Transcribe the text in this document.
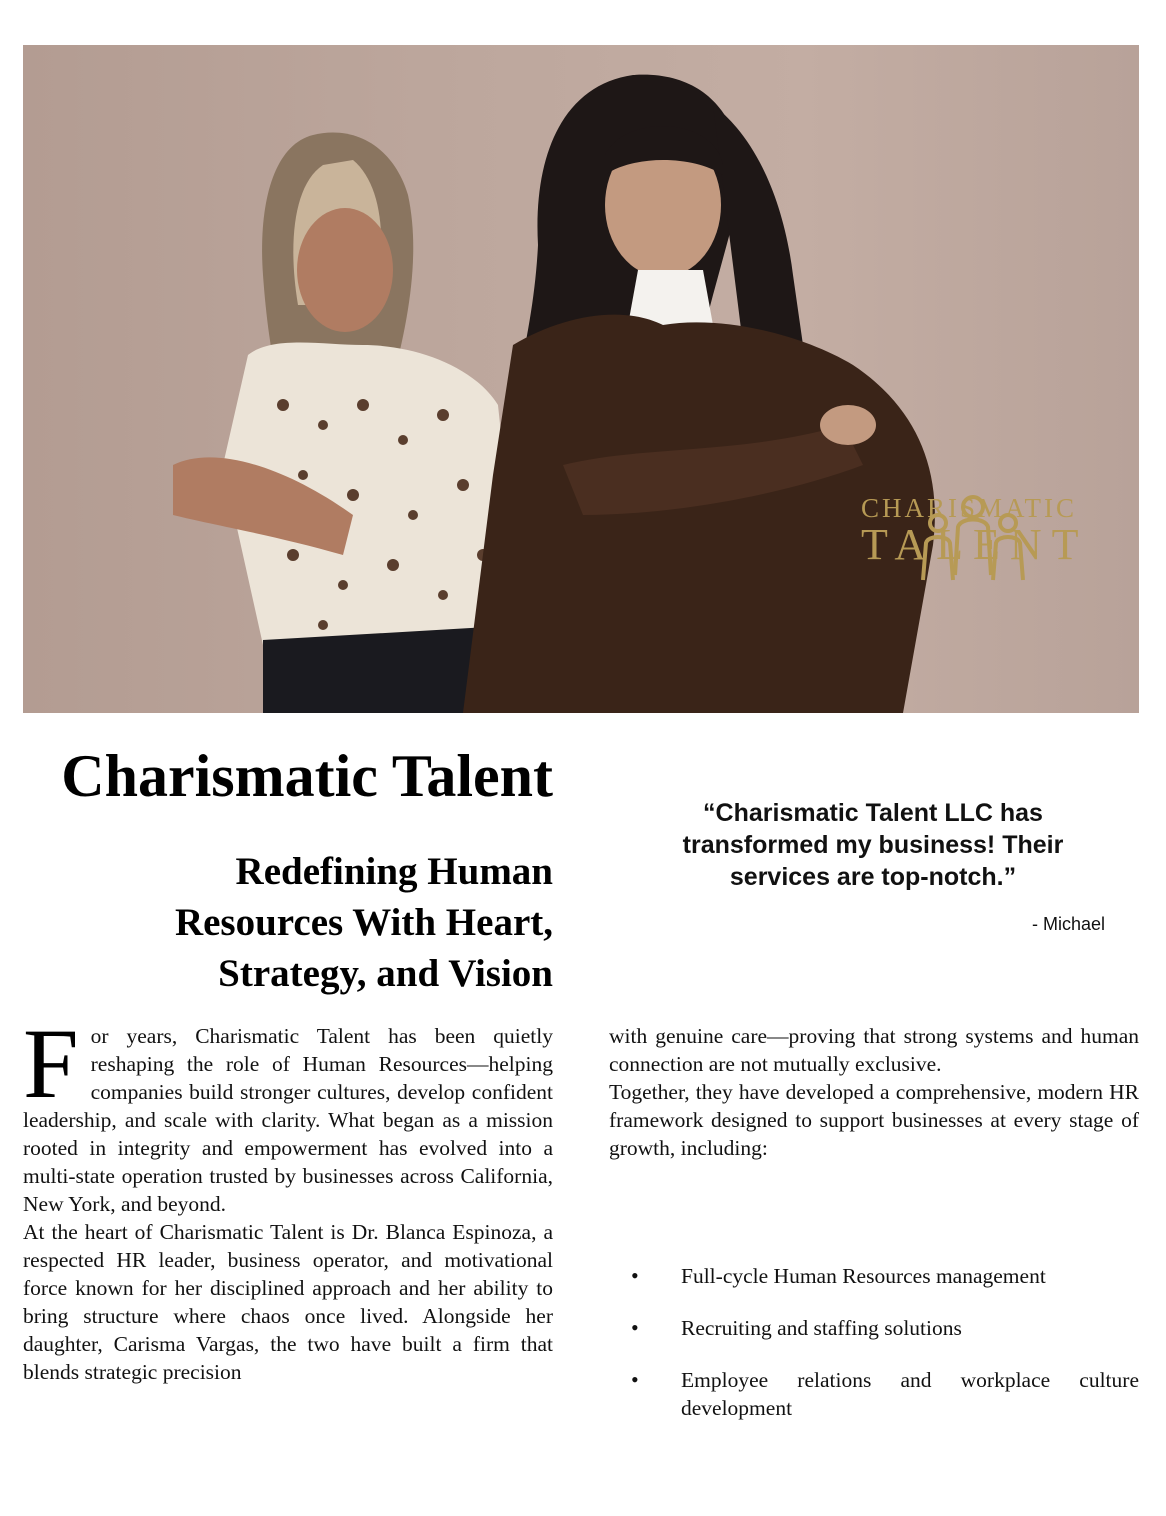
CHARISMATIC
TALENT
Charismatic Talent
Redefining Human Resources With Heart, Strategy, and Vision

“Charismatic Talent LLC has transformed my business! Their services are top-notch.”

- Michael

For years, Charismatic Talent has been quietly reshaping the role of Human Resources—helping companies build stronger cultures, develop confident leadership, and scale with clarity. What began as a mission rooted in integrity and empowerment has evolved into a multi-state operation trusted by businesses across California, New York, and beyond.

At the heart of Charismatic Talent is Dr. Blanca Espinoza, a respected HR leader, business operator, and motivational force known for her disciplined approach and her ability to bring structure where chaos once lived. Alongside her daughter, Carisma Vargas, the two have built a firm that blends strategic precision

with genuine care—proving that strong systems and human connection are not mutually exclusive.

Together, they have developed a comprehensive, modern HR framework designed to support businesses at every stage of growth, including:

• Full-cycle Human Resources management
• Recruiting and staffing solutions
• Employee relations and workplace culture development
